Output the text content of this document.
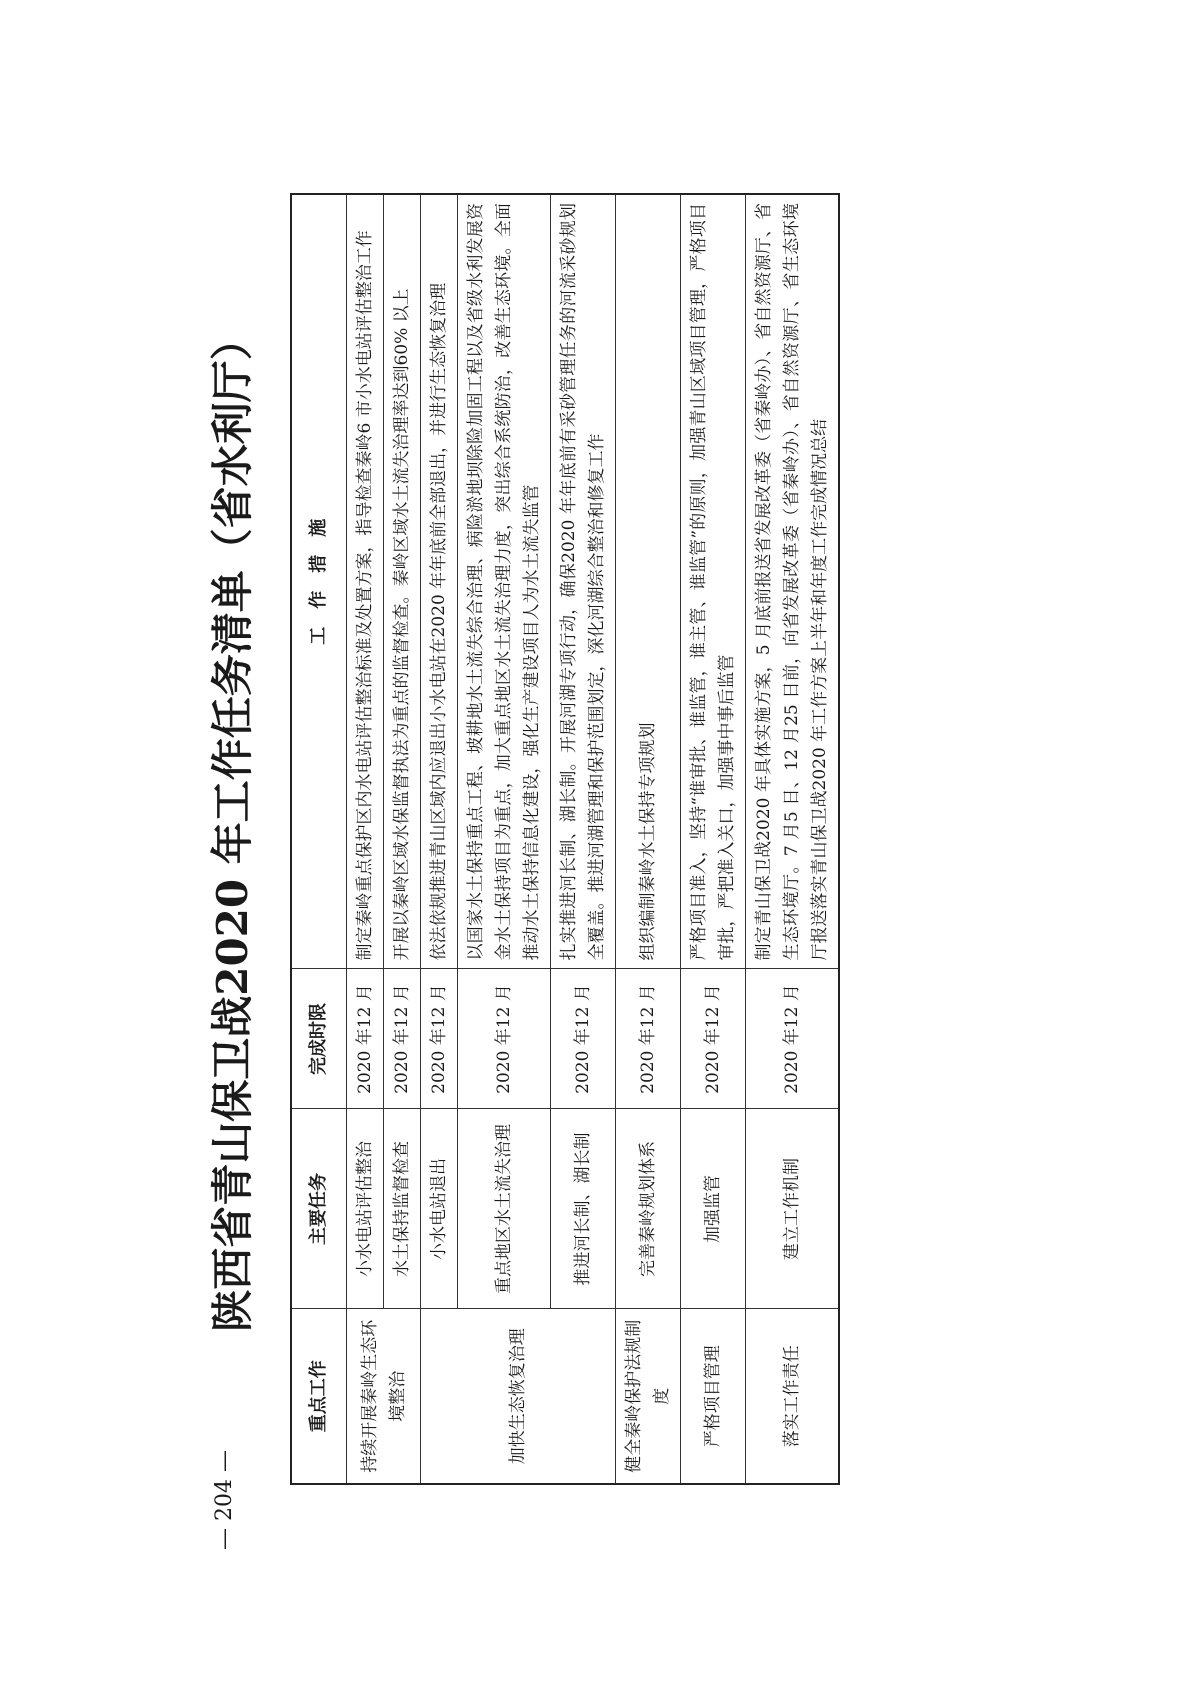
陕西省青山保卫战2020 年工作任务清单（省水利厅）
重点工作	主要任务	完成时限	工　作　措　施
持续开展秦岭生态环境整治	小水电站评估整治	2020 年12 月	制定秦岭重点保护区内水电站评估整治标准及处置方案，指导检查秦岭6 市小水电站评估整治工作
	水土保持监督检查	2020 年12 月	开展以秦岭区域水保监督执法为重点的监督检查。秦岭区域水土流失治理率达到60% 以上
加快生态恢复治理	小水电站退出	2020 年12 月	依法依规推进青山区域内应退出小水电站在2020 年年底前全部退出，并进行生态恢复治理
	重点地区水土流失治理	2020 年12 月	以国家水土保持重点工程、坡耕地水土流失综合治理、病险淤地坝除险加固工程以及省级水利发展资金水土保持项目为重点，加大重点地区水土流失治理力度，突出综合系统防治，改善生态环境。全面推动水土保持信息化建设，强化生产建设项目人为水土流失监管
	推进河长制、湖长制	2020 年12 月	扎实推进河长制、湖长制。开展河湖专项行动，确保2020 年年底前有采砂管理任务的河流采砂规划全覆盖。推进河湖管理和保护范围划定，深化河湖综合整治和修复工作
健全秦岭保护法规制度	完善秦岭规划体系	2020 年12 月	组织编制秦岭水土保持专项规划
严格项目管理	加强监管	2020 年12 月	严格项目准入，坚持“谁审批、谁监管，谁主管、谁监管”的原则，加强青山区域项目管理，严格项目审批，严把准入关口，加强事中事后监管
落实工作责任	建立工作机制	2020 年12 月	制定青山保卫战2020 年具体实施方案，5 月底前报送省发展改革委（省秦岭办）、省自然资源厅、省生态环境厅。7 月5 日、12 月25 日前，向省发展改革委（省秦岭办）、省自然资源厅、省生态环境厅报送落实青山保卫战2020 年工作方案上半年和年度工作完成情况总结
— 204 —
